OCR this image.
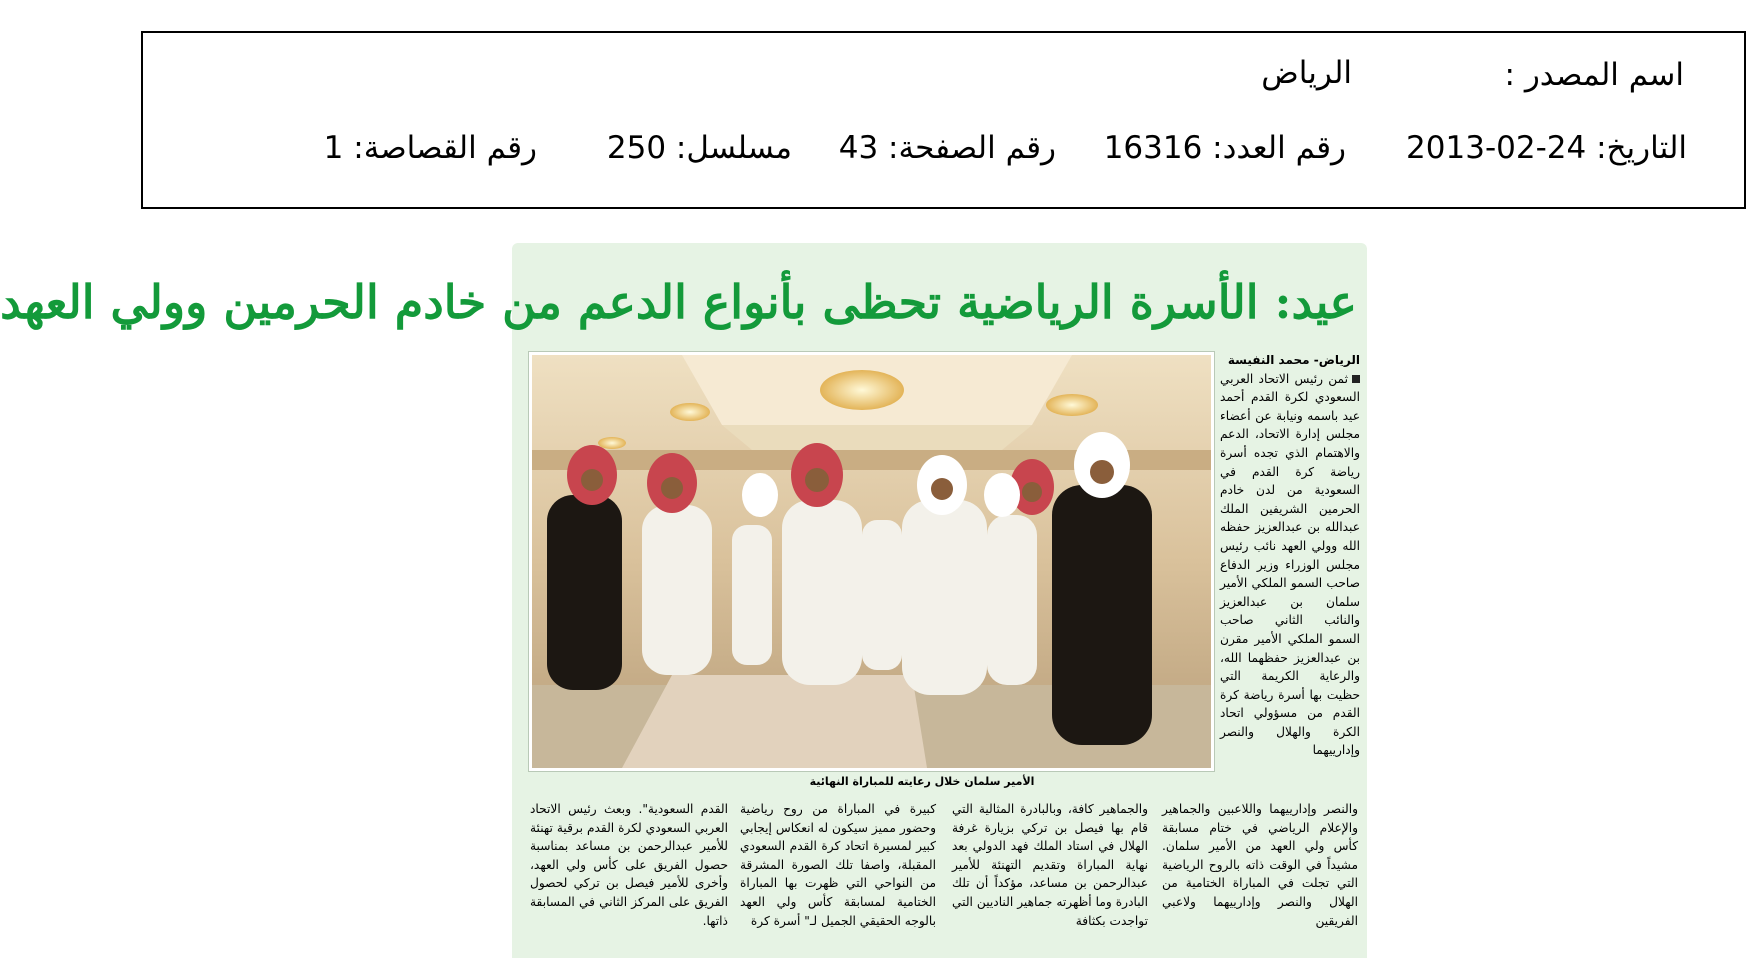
اسم المصدر :
الرياض
التاريخ: 24-02-2013
رقم العدد: 16316
رقم الصفحة: 43
مسلسل: 250
رقم القصاصة: 1
عيد: الأسرة الرياضية تحظى بأنواع الدعم من خادم الحرمين وولي العهد
الأمير سلمان خلال رعايته للمباراة النهائية

الرياض- محمد النفيسة

ثمن رئيس الاتحاد العربي السعودي لكرة القدم أحمد عيد باسمه ونيابة عن أعضاء مجلس إدارة الاتحاد، الدعم والاهتمام الذي تجده أسرة رياضة كرة القدم في السعودية من لدن خادم الحرمين الشريفين الملك عبدالله بن عبدالعزيز حفظه الله وولي العهد نائب رئيس مجلس الوزراء وزير الدفاع صاحب السمو الملكي الأمير سلمان بن عبدالعزيز والنائب الثاني صاحب السمو الملكي الأمير مقرن بن عبدالعزيز حفظهما الله، والرعاية الكريمة التي حظيت بها أسرة رياضة كرة القدم من مسؤولي اتحاد الكرة والهلال والنصر وإدارييهما

والنصر وإدارييهما واللاعبين والجماهير والإعلام الرياضي في ختام مسابقة كأس ولي العهد من الأمير سلمان. مشيداً في الوقت ذاته بالروح الرياضية التي تجلت في المباراة الختامية من الهلال والنصر وإدارييهما ولاعبي الفريقين

والجماهير كافة، وبالبادرة المثالية التي قام بها فيصل بن تركي بزيارة غرفة الهلال في استاد الملك فهد الدولي بعد نهاية المباراة وتقديم التهنئة للأمير عبدالرحمن بن مساعد، مؤكداً أن تلك البادرة وما أظهرته جماهير الناديين التي تواجدت بكثافة

كبيرة في المباراة من روح رياضية وحضور مميز سيكون له انعكاس إيجابي كبير لمسيرة اتحاد كرة القدم السعودي المقبلة، واصفا تلك الصورة المشرقة من النواحي التي ظهرت بها المباراة الختامية لمسابقة كأس ولي العهد بالوجه الحقيقي الجميل لـ" أسرة كرة

القدم السعودية". وبعث رئيس الاتحاد العربي السعودي لكرة القدم برقية تهنئة للأمير عبدالرحمن بن مساعد بمناسبة حصول الفريق على كأس ولي العهد، وأخرى للأمير فيصل بن تركي لحصول الفريق على المركز الثاني في المسابقة ذاتها.
